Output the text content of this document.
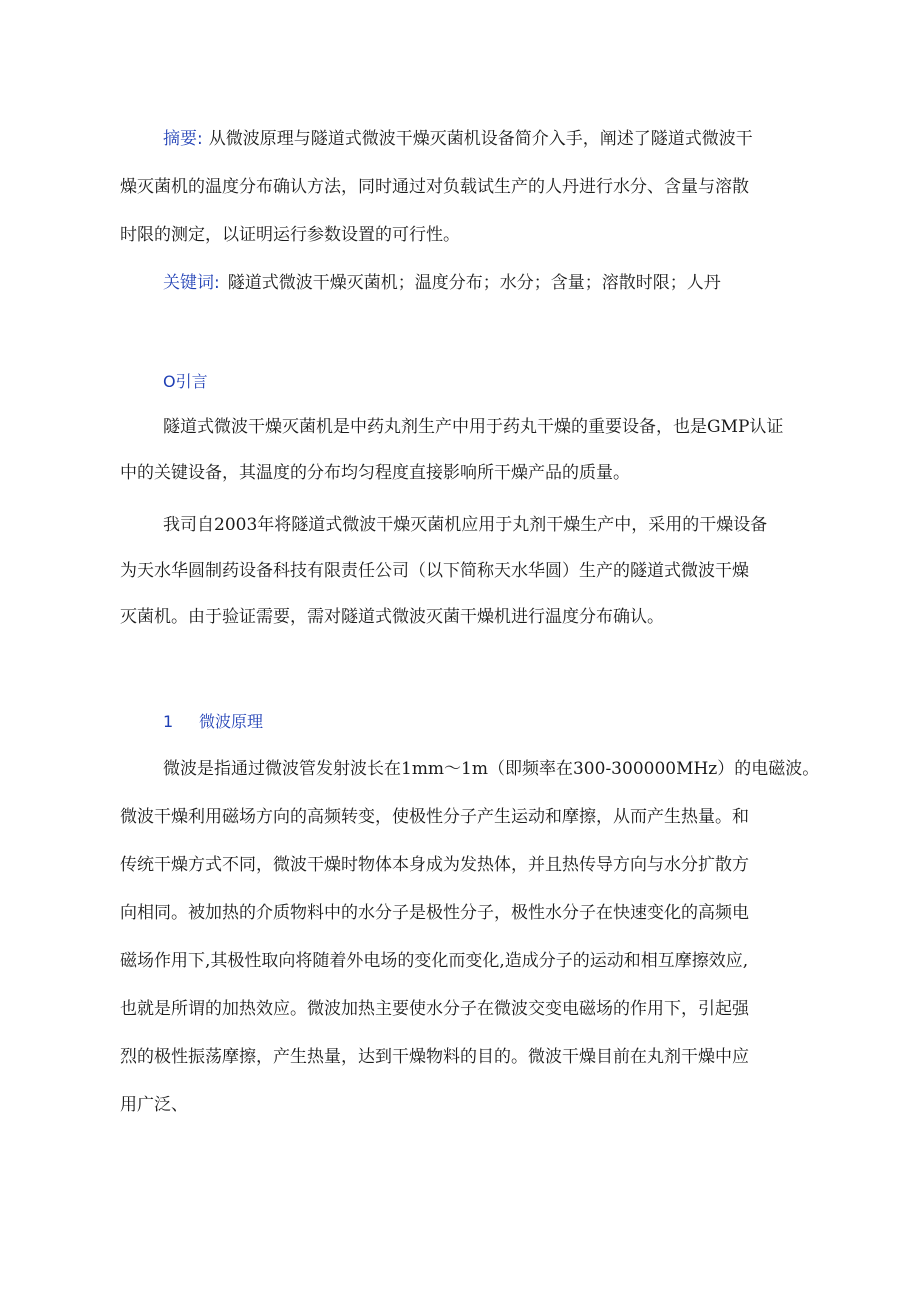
摘要: 从微波原理与隧道式微波干燥灭菌机设备简介入手，阐述了隧道式微波干
燥灭菌机的温度分布确认方法，同时通过对负载试生产的人丹进行水分、含量与溶散
时限的测定，以证明运行参数设置的可行性。
关键词: 隧道式微波干燥灭菌机；温度分布；水分；含量；溶散时限；人丹
O引言
隧道式微波干燥灭菌机是中药丸剂生产中用于药丸干燥的重要设备，也是GMP认证
中的关键设备，其温度的分布均匀程度直接影响所干燥产品的质量。
我司自2003年将隧道式微波干燥灭菌机应用于丸剂干燥生产中，采用的干燥设备
为天水华圆制药设备科技有限责任公司（以下简称天水华圆）生产的隧道式微波干燥
灭菌机。由于验证需要，需对隧道式微波灭菌干燥机进行温度分布确认。
1 微波原理
微波是指通过微波管发射波长在1mm～1m（即频率在300-300000MHz）的电磁波。
微波干燥利用磁场方向的高频转变，使极性分子产生运动和摩擦，从而产生热量。和
传统干燥方式不同，微波干燥时物体本身成为发热体，并且热传导方向与水分扩散方
向相同。被加热的介质物料中的水分子是极性分子，极性水分子在快速变化的高频电
磁场作用下,其极性取向将随着外电场的变化而变化,造成分子的运动和相互摩擦效应,
也就是所谓的加热效应。微波加热主要使水分子在微波交变电磁场的作用下，引起强
烈的极性振荡摩擦，产生热量，达到干燥物料的目的。微波干燥目前在丸剂干燥中应
用广泛、
